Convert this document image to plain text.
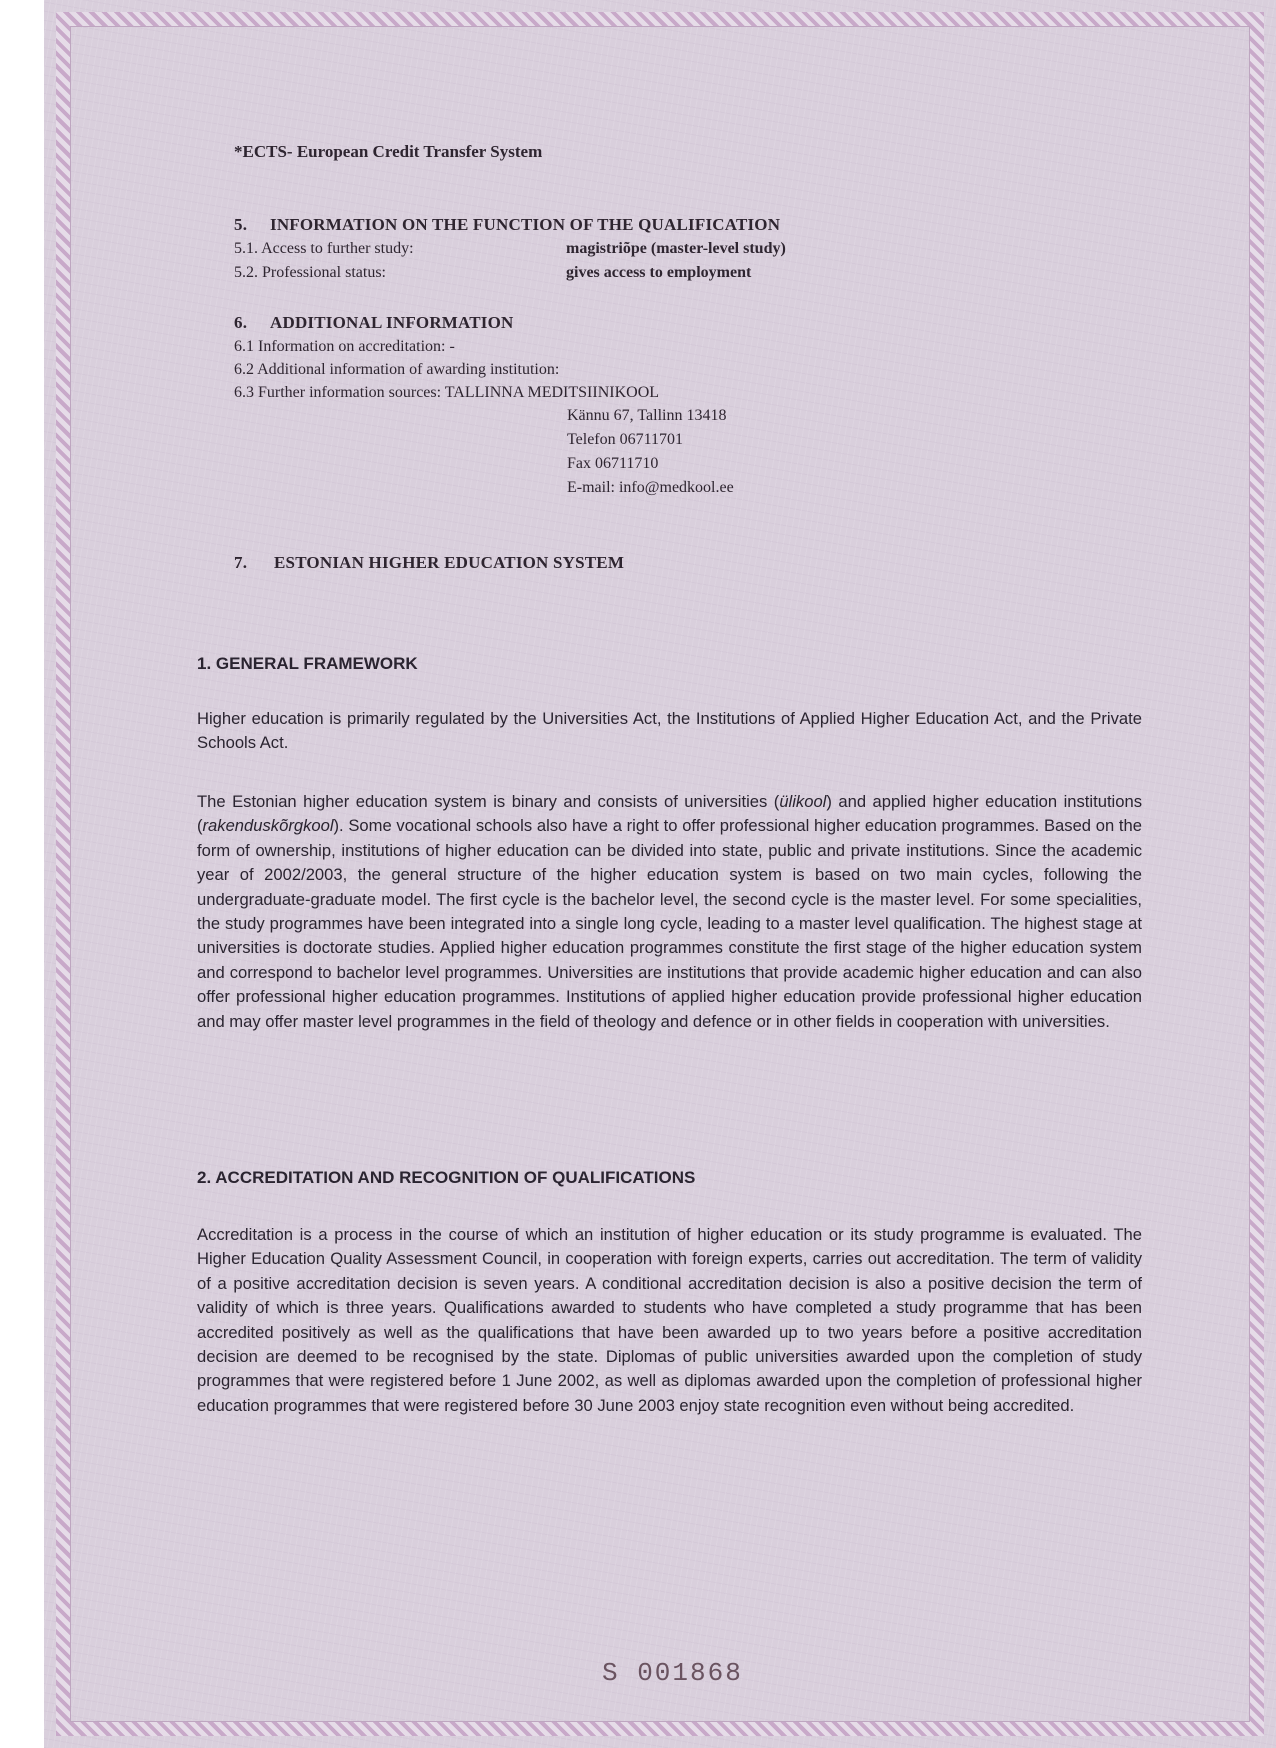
*ECTS- European Credit Transfer System
5. INFORMATION ON THE FUNCTION OF THE QUALIFICATION
5.1. Access to further study:	magistriõpe (master-level study)
5.2. Professional status:	gives access to employment
6. ADDITIONAL INFORMATION
6.1 Information on accreditation: -
6.2 Additional information of awarding institution:
6.3 Further information sources: TALLINNA MEDITSIINIKOOL
Kännu 67, Tallinn 13418
Telefon 06711701
Fax 06711710
E-mail: info@medkool.ee
7. ESTONIAN HIGHER EDUCATION SYSTEM
1. GENERAL FRAMEWORK
Higher education is primarily regulated by the Universities Act, the Institutions of Applied Higher Education Act, and the Private Schools Act.
The Estonian higher education system is binary and consists of universities (ülikool) and applied higher education institutions (rakenduskõrgkool). Some vocational schools also have a right to offer professional higher education programmes. Based on the form of ownership, institutions of higher education can be divided into state, public and private institutions. Since the academic year of 2002/2003, the general structure of the higher education system is based on two main cycles, following the undergraduate-graduate model. The first cycle is the bachelor level, the second cycle is the master level. For some specialities, the study programmes have been integrated into a single long cycle, leading to a master level qualification. The highest stage at universities is doctorate studies. Applied higher education programmes constitute the first stage of the higher education system and correspond to bachelor level programmes. Universities are institutions that provide academic higher education and can also offer professional higher education programmes. Institutions of applied higher education provide professional higher education and may offer master level programmes in the field of theology and defence or in other fields in cooperation with universities.
2. ACCREDITATION AND RECOGNITION OF QUALIFICATIONS
Accreditation is a process in the course of which an institution of higher education or its study programme is evaluated. The Higher Education Quality Assessment Council, in cooperation with foreign experts, carries out accreditation. The term of validity of a positive accreditation decision is seven years. A conditional accreditation decision is also a positive decision the term of validity of which is three years. Qualifications awarded to students who have completed a study programme that has been accredited positively as well as the qualifications that have been awarded up to two years before a positive accreditation decision are deemed to be recognised by the state. Diplomas of public universities awarded upon the completion of study programmes that were registered before 1 June 2002, as well as diplomas awarded upon the completion of professional higher education programmes that were registered before 30 June 2003 enjoy state recognition even without being accredited.
S 001868
